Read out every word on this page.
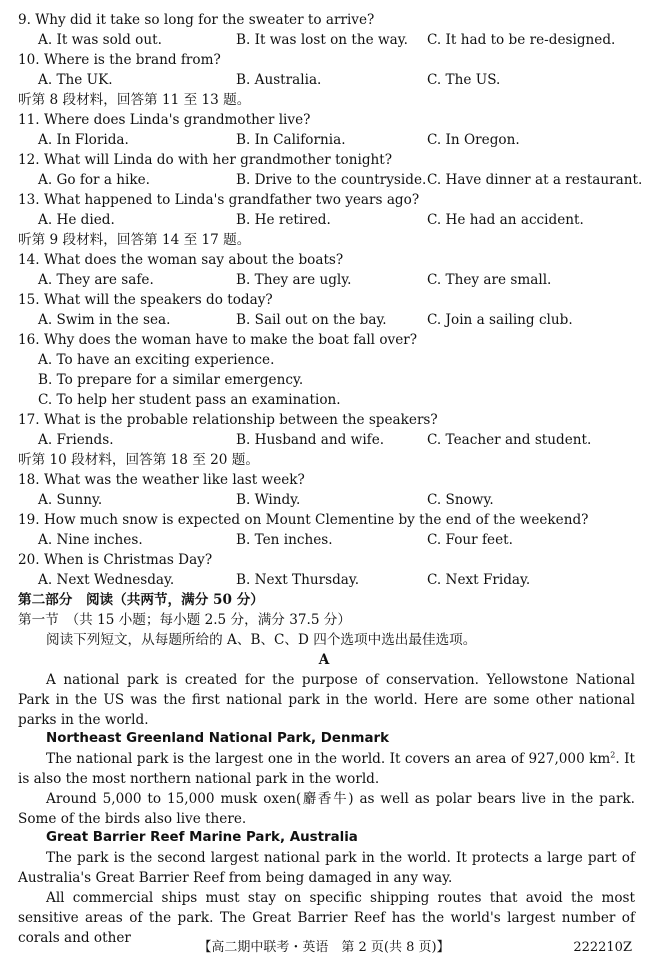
9. Why did it take so long for the sweater to arrive?
A. It was sold out.	B. It was lost on the way. C. It had to be re-designed.
10. Where is the brand from?
A. The UK.	B. Australia.	C. The US.
听第 8 段材料，回答第 11 至 13 题。
11. Where does Linda's grandmother live?
A. In Florida.	B. In California.	C. In Oregon.
12. What will Linda do with her grandmother tonight?
A. Go for a hike.	B. Drive to the countryside. C. Have dinner at a restaurant.
13. What happened to Linda's grandfather two years ago?
A. He died.	B. He retired.	C. He had an accident.
听第 9 段材料，回答第 14 至 17 题。
14. What does the woman say about the boats?
A. They are safe.	B. They are ugly.	C. They are small.
15. What will the speakers do today?
A. Swim in the sea.	B. Sail out on the bay.	C. Join a sailing club.
16. Why does the woman have to make the boat fall over?
A. To have an exciting experience.
B. To prepare for a similar emergency.
C. To help her student pass an examination.
17. What is the probable relationship between the speakers?
A. Friends.	B. Husband and wife.	C. Teacher and student.
听第 10 段材料，回答第 18 至 20 题。
18. What was the weather like last week?
A. Sunny.	B. Windy.	C. Snowy.
19. How much snow is expected on Mount Clementine by the end of the weekend?
A. Nine inches.	B. Ten inches.	C. Four feet.
20. When is Christmas Day?
A. Next Wednesday.	B. Next Thursday.	C. Next Friday.
第二部分　阅读（共两节，满分 50 分）
第一节　（共 15 小题；每小题 2.5 分，满分 37.5 分）
阅读下列短文，从每题所给的 A、B、C、D 四个选项中选出最佳选项。
A
A national park is created for the purpose of conservation. Yellowstone National Park in the US was the first national park in the world. Here are some other national parks in the world.
Northeast Greenland National Park, Denmark
The national park is the largest one in the world. It covers an area of 927,000 $km^2$. It is also the most northern national park in the world.
Around 5,000 to 15,000 musk oxen(麝香牛) as well as polar bears live in the park. Some of the birds also live there.
Great Barrier Reef Marine Park, Australia
The park is the second largest national park in the world. It protects a large part of Australia's Great Barrier Reef from being damaged in any way.
All commercial ships must stay on specific shipping routes that avoid the most sensitive areas of the park. The Great Barrier Reef has the world's largest number of corals and other
【高二期中联考・英语　第 2 页(共 8 页)】	222210Z
